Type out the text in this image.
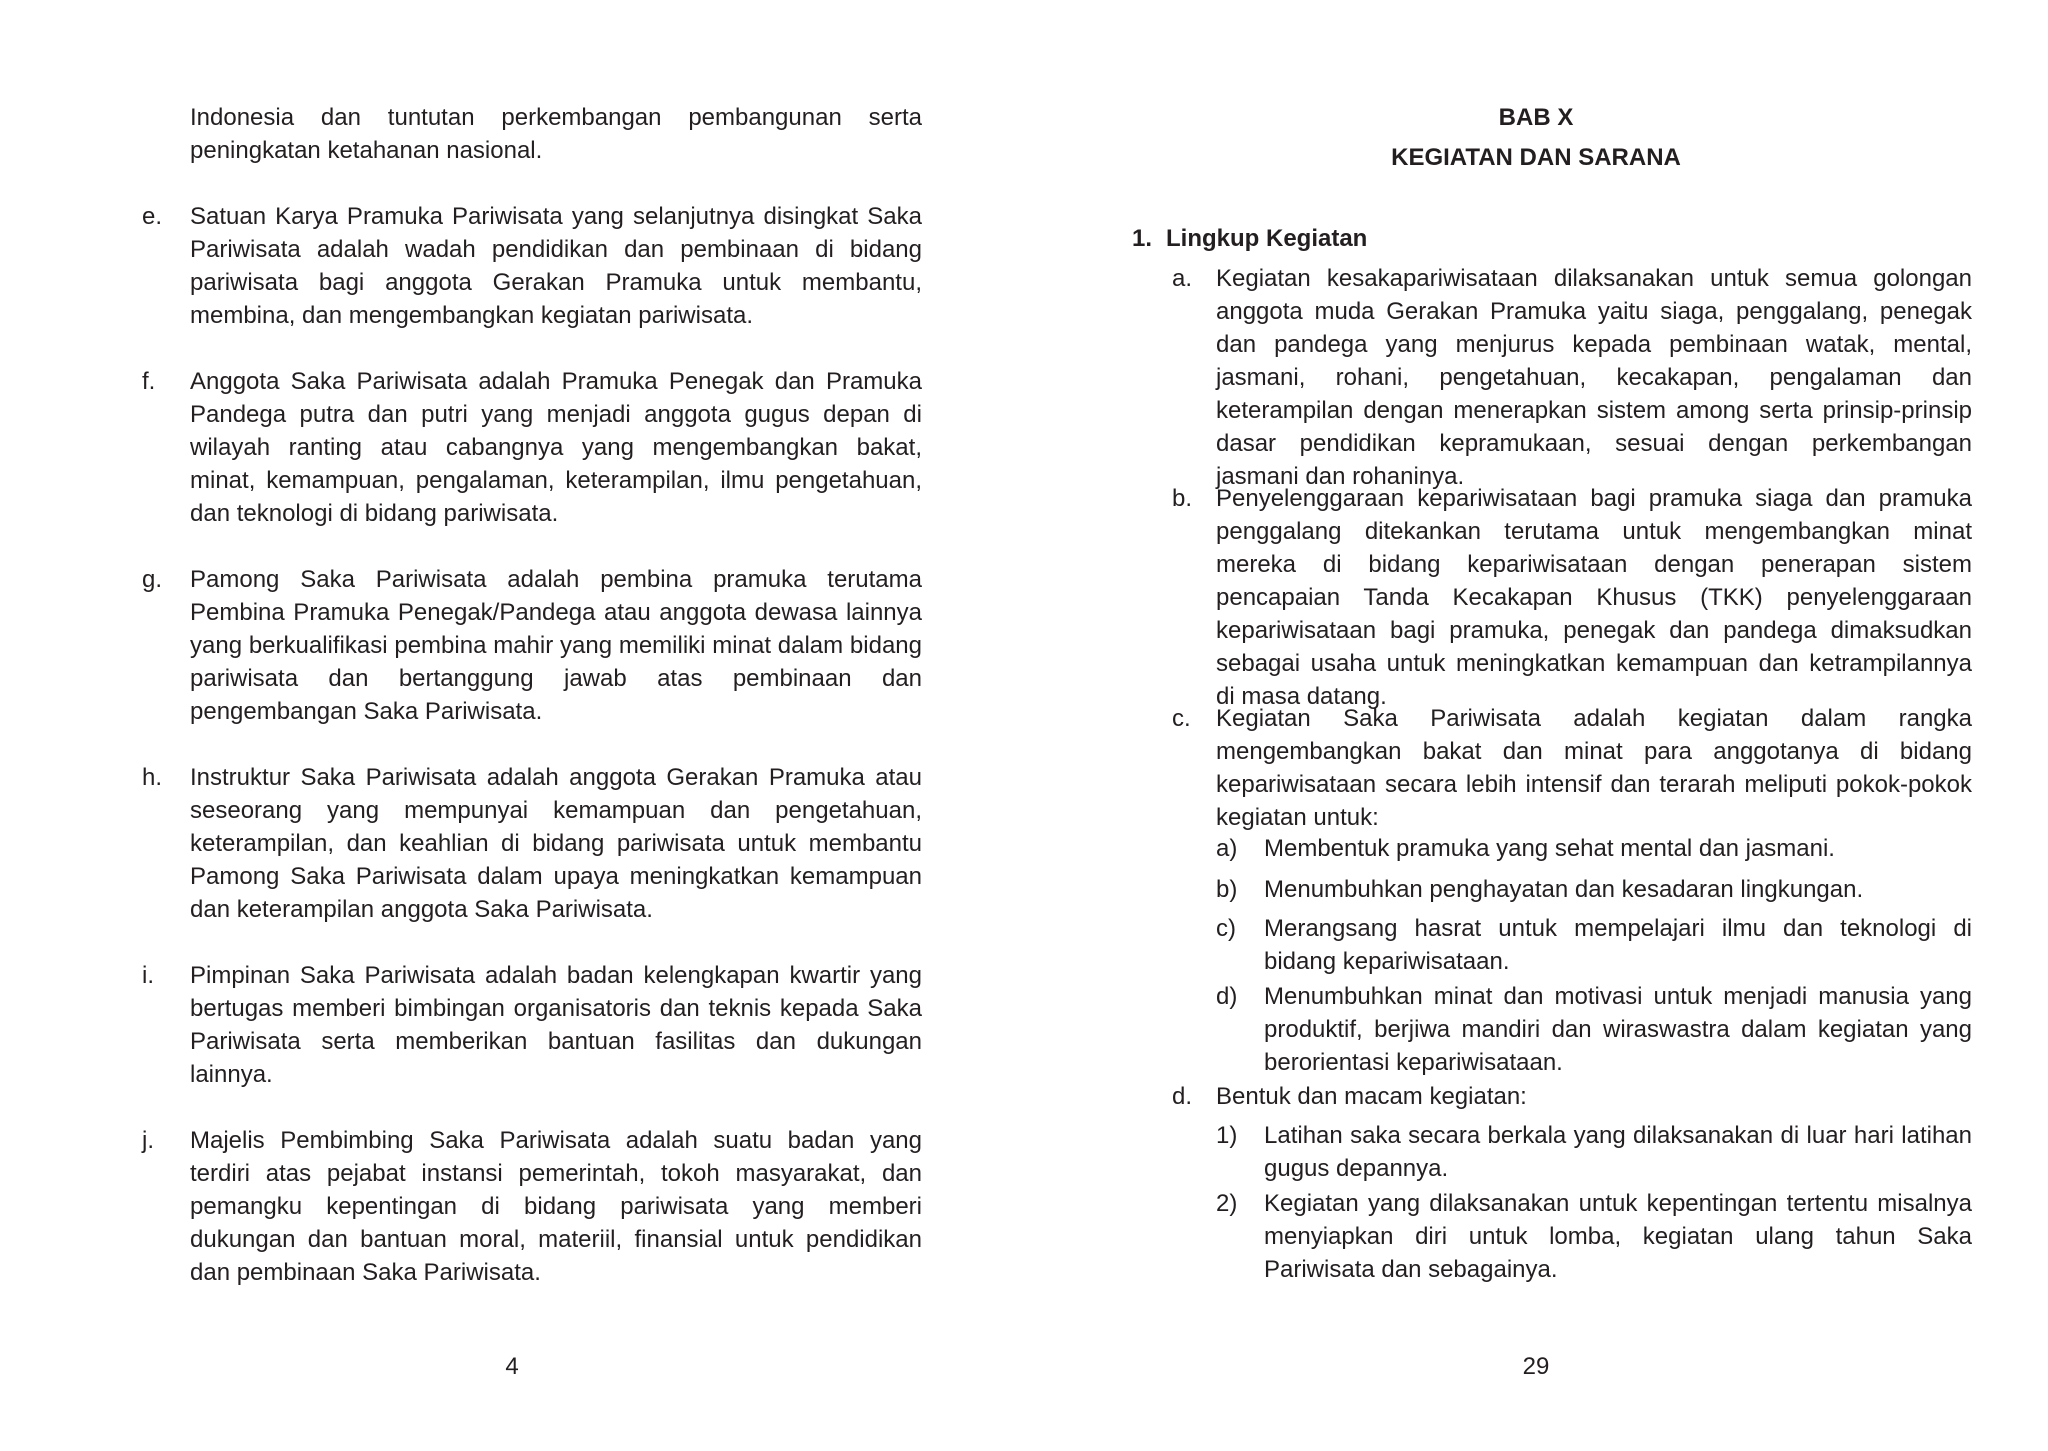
Indonesia dan tuntutan perkembangan pembangunan serta peningkatan ketahanan nasional.
e.	Satuan Karya Pramuka Pariwisata yang selanjutnya disingkat Saka Pariwisata adalah wadah pendidikan dan pembinaan di bidang pariwisata bagi anggota Gerakan Pramuka untuk membantu, membina, dan mengembangkan kegiatan pariwisata.
f.	Anggota Saka Pariwisata adalah Pramuka Penegak dan Pramuka Pandega putra dan putri yang menjadi anggota gugus depan di wilayah ranting atau cabangnya yang mengembangkan bakat, minat, kemampuan, pengalaman, keterampilan, ilmu pengetahuan, dan teknologi di bidang pariwisata.
g.	Pamong Saka Pariwisata adalah pembina pramuka terutama Pembina Pramuka Penegak/Pandega atau anggota dewasa lainnya yang berkualifikasi pembina mahir yang memiliki minat dalam bidang pariwisata dan bertanggung jawab atas pembinaan dan pengembangan Saka Pariwisata.
h.	Instruktur Saka Pariwisata adalah anggota Gerakan Pramuka atau seseorang yang mempunyai kemampuan dan pengetahuan, keterampilan, dan keahlian di bidang pariwisata untuk membantu Pamong Saka Pariwisata dalam upaya meningkatkan kemampuan dan keterampilan anggota Saka Pariwisata.
i.	Pimpinan Saka Pariwisata adalah badan kelengkapan kwartir yang bertugas memberi bimbingan organisatoris dan teknis kepada Saka Pariwisata serta memberikan bantuan fasilitas dan dukungan lainnya.
j.	Majelis Pembimbing Saka Pariwisata adalah suatu badan yang terdiri atas pejabat instansi pemerintah, tokoh masyarakat, dan pemangku kepentingan di bidang pariwisata yang memberi dukungan dan bantuan moral, materiil, finansial untuk pendidikan dan pembinaan Saka Pariwisata.
4
BAB X
KEGIATAN DAN SARANA
1. Lingkup Kegiatan
a. Kegiatan kesakapariwisataan dilaksanakan untuk semua golongan anggota muda Gerakan Pramuka yaitu siaga, penggalang, penegak dan pandega yang menjurus kepada pembinaan watak, mental, jasmani, rohani, pengetahuan, kecakapan, pengalaman dan keterampilan dengan menerapkan sistem among serta prinsip-prinsip dasar pendidikan kepramukaan, sesuai dengan perkembangan jasmani dan rohaninya.
b. Penyelenggaraan kepariwisataan bagi pramuka siaga dan pramuka penggalang ditekankan terutama untuk mengembangkan minat mereka di bidang kepariwisataan dengan penerapan sistem pencapaian Tanda Kecakapan Khusus (TKK) penyelenggaraan kepariwisataan bagi pramuka, penegak dan pandega dimaksudkan sebagai usaha untuk meningkatkan kemampuan dan ketrampilannya di masa datang.
c.	Kegiatan Saka Pariwisata adalah kegiatan dalam rangka mengembangkan bakat dan minat para anggotanya di bidang kepariwisataan secara lebih intensif dan terarah meliputi pokok-pokok kegiatan untuk:
a)	Membentuk pramuka yang sehat mental dan jasmani.
b)	Menumbuhkan penghayatan dan kesadaran lingkungan.
c)	Merangsang hasrat untuk mempelajari ilmu dan teknologi di bidang kepariwisataan.
d)	Menumbuhkan minat dan motivasi untuk menjadi manusia yang produktif, berjiwa mandiri dan wiraswastra dalam kegiatan yang berorientasi kepariwisataan.
d. Bentuk dan macam kegiatan:
1)	Latihan saka secara berkala yang dilaksanakan di luar hari latihan gugus depannya.
2)	Kegiatan yang dilaksanakan untuk kepentingan tertentu misalnya menyiapkan diri untuk lomba, kegiatan ulang tahun Saka Pariwisata dan sebagainya.
29
